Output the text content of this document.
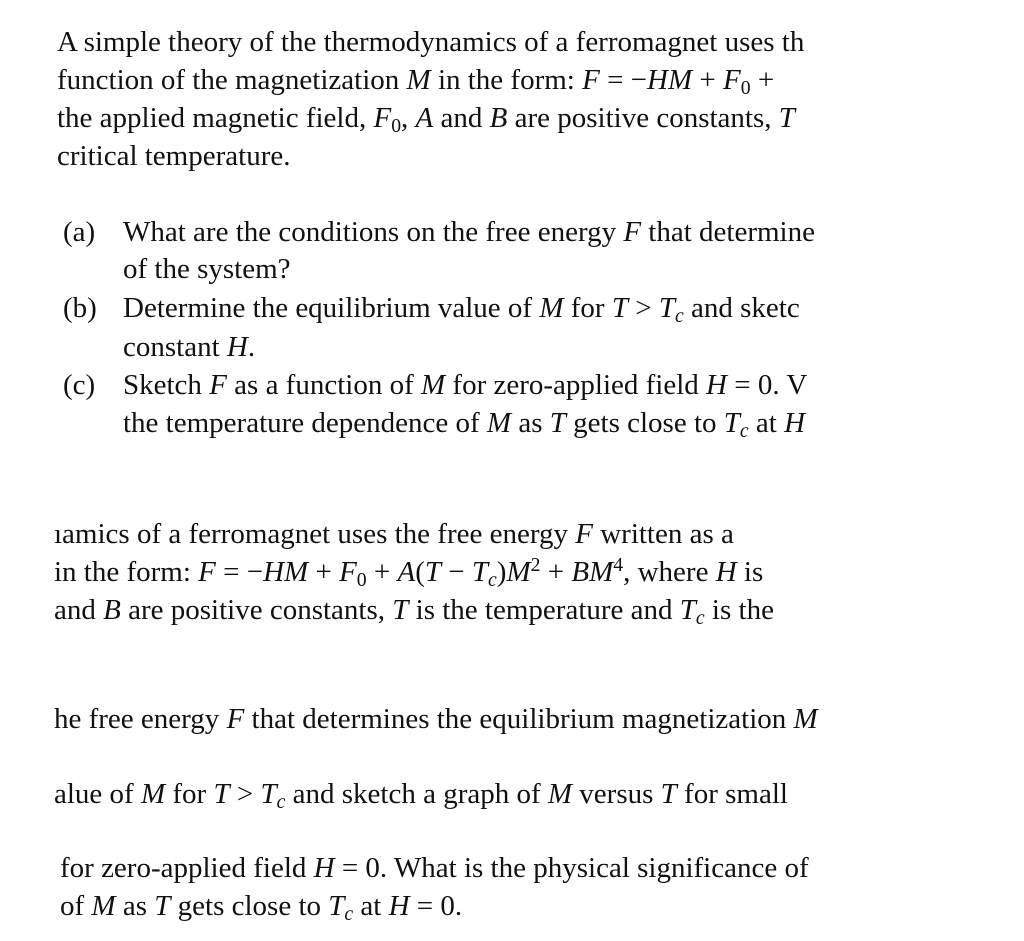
A simple theory of the thermodynamics of a ferromagnet uses th
function of the magnetization M in the form: $F = -HM + F_0$ +
the applied magnetic field, $F_0$, A and B are positive constants, T
critical temperature.
(a) What are the conditions on the free energy F that determine
of the system?
(b) Determine the equilibrium value of M for $T > T_c$ and sketc
constant H.
(c) Sketch F as a function of M for zero-applied field H = 0. V
the temperature dependence of M as T gets close to $T_c$ at H
ıamics of a ferromagnet uses the free energy F written as a
in the form: $F = -HM + F_0 + A(T - T_c)M^2 + BM^4$, where H is
and B are positive constants, T is the temperature and $T_c$ is the
he free energy F that determines the equilibrium magnetization M
alue of M for $T > T_c$ and sketch a graph of M versus T for small
for zero-applied field H = 0. What is the physical significance of
of M as T gets close to $T_c$ at H = 0.
